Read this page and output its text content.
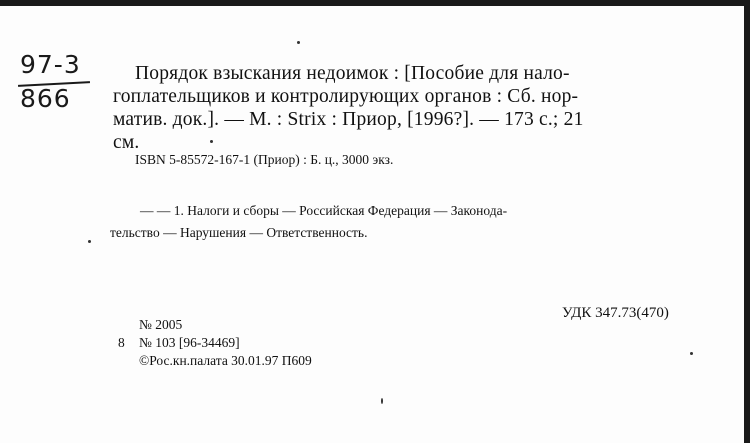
97-3
866
Порядок взыскания недоимок : [Пособие для нало-
гоплательщиков и контролирующих органов : Сб. нор-
матив. док.]. — М. : Strix : Приор, [1996?]. — 173 с.; 21
см.
ISBN 5-85572-167-1 (Приор) : Б. ц., 3000 экз.
— — 1. Налоги и сборы — Российская Федерация — Законода-
тельство — Нарушения — Ответственность.
№ 2005
8 № 103 [96-34469]
©Рос.кн.палата 30.01.97 П609
УДК 347.73(470)
